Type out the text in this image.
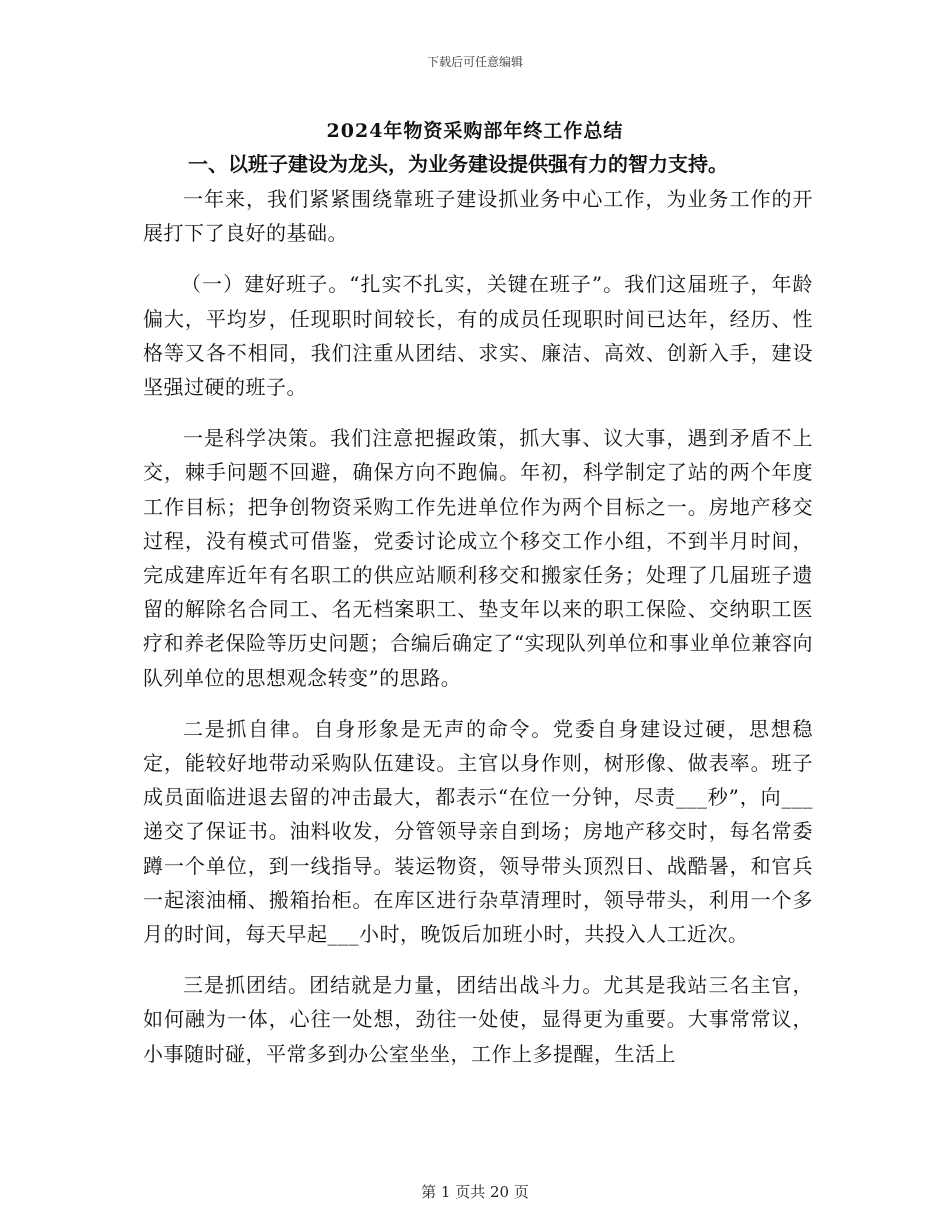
下载后可任意编辑
2024年物资采购部年终工作总结
一、以班子建设为龙头，为业务建设提供强有力的智力支持。

一年来，我们紧紧围绕靠班子建设抓业务中心工作，为业务工作的开展打下了良好的基础。

（一）建好班子。“扎实不扎实，关键在班子”。我们这届班子，年龄偏大，平均岁，任现职时间较长，有的成员任现职时间已达年，经历、性格等又各不相同，我们注重从团结、求实、廉洁、高效、创新入手，建设坚强过硬的班子。

一是科学决策。我们注意把握政策，抓大事、议大事，遇到矛盾不上交，棘手问题不回避，确保方向不跑偏。年初，科学制定了站的两个年度工作目标；把争创物资采购工作先进单位作为两个目标之一。房地产移交过程，没有模式可借鉴，党委讨论成立个移交工作小组，不到半月时间，完成建库近年有名职工的供应站顺利移交和搬家任务；处理了几届班子遗留的解除名合同工、名无档案职工、垫支年以来的职工保险、交纳职工医疗和养老保险等历史问题；合编后确定了“实现队列单位和事业单位兼容向队列单位的思想观念转变”的思路。

二是抓自律。自身形象是无声的命令。党委自身建设过硬，思想稳定，能较好地带动采购队伍建设。主官以身作则，树形像、做表率。班子成员面临进退去留的冲击最大，都表示“在位一分钟，尽责___秒”，向___递交了保证书。油料收发，分管领导亲自到场；房地产移交时，每名常委蹲一个单位，到一线指导。装运物资，领导带头顶烈日、战酷暑，和官兵一起滚油桶、搬箱抬柜。在库区进行杂草清理时，领导带头，利用一个多月的时间，每天早起___小时，晚饭后加班小时，共投入人工近次。

三是抓团结。团结就是力量，团结出战斗力。尤其是我站三名主官，如何融为一体，心往一处想，劲往一处使，显得更为重要。大事常常议，小事随时碰，平常多到办公室坐坐，工作上多提醒，生活上

第 1 页共 20 页
